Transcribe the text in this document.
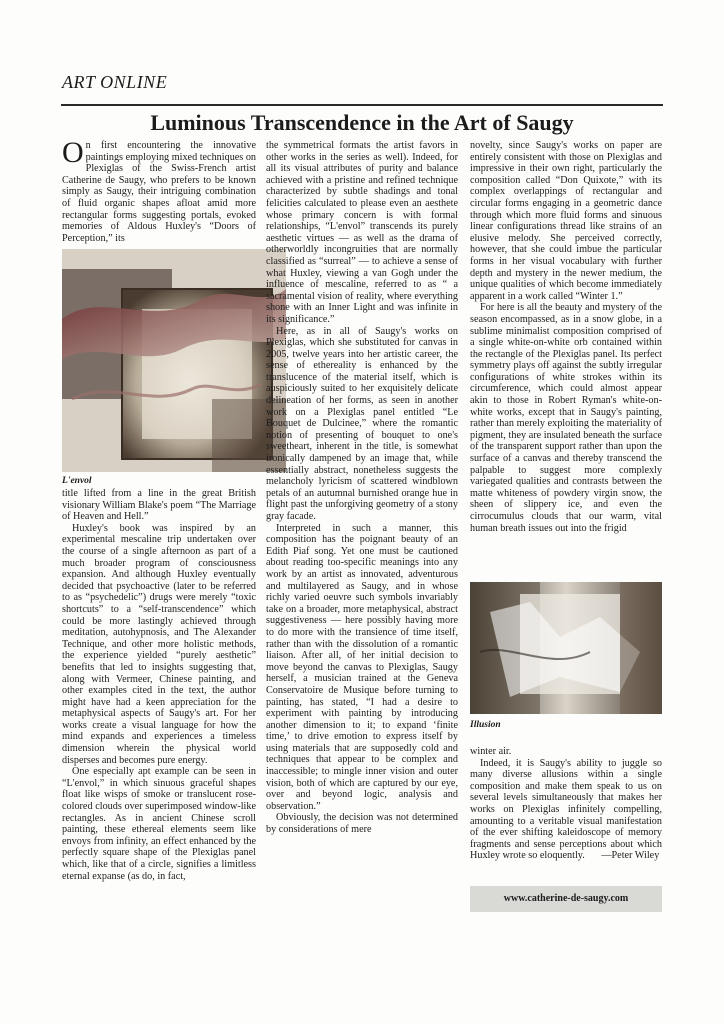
ART ONLINE
Luminous Transcendence in the Art of Saugy

On first encountering the innovative paintings employing mixed techniques on Plexiglas of the Swiss-French artist Catherine de Saugy, who prefers to be known simply as Saugy, their intriguing combination of fluid organic shapes afloat amid more rectangular forms suggesting portals, evoked memories of Aldous Huxley's “Doors of Perception,” its

L'envol

title lifted from a line in the great British visionary William Blake's poem “The Marriage of Heaven and Hell.”

Huxley's book was inspired by an experimental mescaline trip undertaken over the course of a single afternoon as part of a much broader program of consciousness expansion. And although Huxley eventually decided that psychoactive (later to be referred to as “psychedelic”) drugs were merely “toxic shortcuts” to a “self-transcendence” which could be more lastingly achieved through meditation, autohypnosis, and The Alexander Technique, and other more holistic methods, the experience yielded “purely aesthetic” benefits that led to insights suggesting that, along with Vermeer, Chinese painting, and other examples cited in the text, the author might have had a keen appreciation for the metaphysical aspects of Saugy's art. For her works create a visual language for how the mind expands and experiences a timeless dimension wherein the physical world disperses and becomes pure energy.

One especially apt example can be seen in “L'envol,” in which sinuous graceful shapes float like wisps of smoke or translucent rose-colored clouds over superimposed window-like rectangles. As in ancient Chinese scroll painting, these ethereal elements seem like envoys from infinity, an effect enhanced by the perfectly square shape of the Plexiglas panel which, like that of a circle, signifies a limitless eternal expanse (as do, in fact,

the symmetrical formats the artist favors in other works in the series as well). Indeed, for all its visual attributes of purity and balance achieved with a pristine and refined technique characterized by subtle shadings and tonal felicities calculated to please even an aesthete whose primary concern is with formal relationships, “L'envol” transcends its purely aesthetic virtues — as well as the drama of otherworldly incongruities that are normally classified as “surreal” — to achieve a sense of what Huxley, viewing a van Gogh under the influence of mescaline, referred to as “ a sacramental vision of reality, where everything shone with an Inner Light and was infinite in its significance.”

Here, as in all of Saugy's works on Plexiglas, which she substituted for canvas in 2005, twelve years into her artistic career, the sense of ethereality is enhanced by the translucence of the material itself, which is auspiciously suited to her exquisitely delicate delineation of her forms, as seen in another work on a Plexiglas panel entitled “Le Bouquet de Dulcinee,” where the romantic notion of presenting of bouquet to one's sweetheart, inherent in the title, is somewhat ironically dampened by an image that, while essentially abstract, nonetheless suggests the melancholy lyricism of scattered windblown petals of an autumnal burnished orange hue in flight past the unforgiving geometry of a stony gray facade.

Interpreted in such a manner, this composition has the poignant beauty of an Edith Piaf song. Yet one must be cautioned about reading too-specific meanings into any work by an artist as innovated, adventurous and multilayered as Saugy, and in whose richly varied oeuvre such symbols invariably take on a broader, more metaphysical, abstract suggestiveness — here possibly having more to do more with the transience of time itself, rather than with the dissolution of a romantic liaison. After all, of her initial decision to move beyond the canvas to Plexiglas, Saugy herself, a musician trained at the Geneva Conservatoire de Musique before turning to painting, has stated, “I had a desire to experiment with painting by introducing another dimension to it; to expand ‘finite time,’ to drive emotion to express itself by using materials that are supposedly cold and techniques that appear to be complex and inaccessible; to mingle inner vision and outer vision, both of which are captured by our eye, over and beyond logic, analysis and observation.”

Obviously, the decision was not determined by considerations of mere

novelty, since Saugy's works on paper are entirely consistent with those on Plexiglas and impressive in their own right, particularly the composition called “Don Quixote,” with its complex overlappings of rectangular and circular forms engaging in a geometric dance through which more fluid forms and sinuous linear configurations thread like strains of an elusive melody. She perceived correctly, however, that she could imbue the particular forms in her visual vocabulary with further depth and mystery in the newer medium, the unique qualities of which become immediately apparent in a work called “Winter 1.”

For here is all the beauty and mystery of the season encompassed, as in a snow globe, in a sublime minimalist composition comprised of a single white-on-white orb contained within the rectangle of the Plexiglas panel. Its perfect symmetry plays off against the subtly irregular configurations of white strokes within its circumference, which could almost appear akin to those in Robert Ryman's white-on-white works, except that in Saugy's painting, rather than merely exploiting the materiality of pigment, they are insulated beneath the surface of the transparent support rather than upon the surface of a canvas and thereby transcend the palpable to suggest more complexly variegated qualities and contrasts between the matte whiteness of powdery virgin snow, the sheen of slippery ice, and even the cirrocumulus clouds that our warm, vital human breath issues out into the frigid

Illusion

winter air.

Indeed, it is Saugy's ability to juggle so many diverse allusions within a single composition and make them speak to us on several levels simultaneously that makes her works on Plexiglas infinitely compelling, amounting to a veritable visual manifestation of the ever shifting kaleidoscope of memory fragments and sense perceptions about which Huxley wrote so eloquently. —Peter Wiley

www.catherine-de-saugy.com
